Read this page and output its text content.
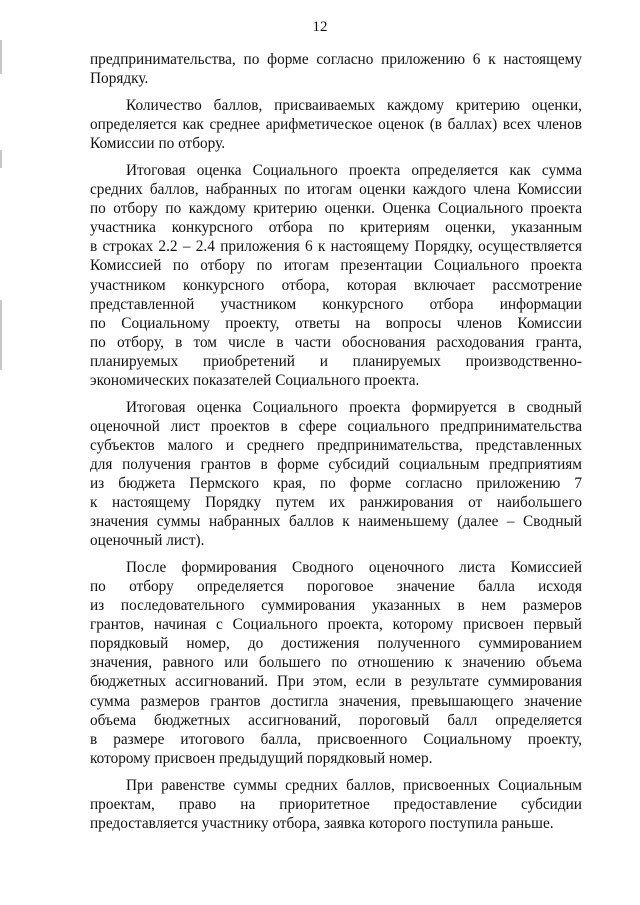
12
предпринимательства, по форме согласно приложению 6 к настоящему
Порядку.
Количество баллов, присваиваемых каждому критерию оценки,
определяется как среднее арифметическое оценок (в баллах) всех членов
Комиссии по отбору.
Итоговая оценка Социального проекта определяется как сумма
средних баллов, набранных по итогам оценки каждого члена Комиссии
по отбору по каждому критерию оценки. Оценка Социального проекта
участника конкурсного отбора по критериям оценки, указанным
в строках 2.2 – 2.4 приложения 6 к настоящему Порядку, осуществляется
Комиссией по отбору по итогам презентации Социального проекта
участником конкурсного отбора, которая включает рассмотрение
представленной участником конкурсного отбора информации
по Социальному проекту, ответы на вопросы членов Комиссии
по отбору, в том числе в части обоснования расходования гранта,
планируемых приобретений и планируемых производственно-
экономических показателей Социального проекта.
Итоговая оценка Социального проекта формируется в сводный
оценочной лист проектов в сфере социального предпринимательства
субъектов малого и среднего предпринимательства, представленных
для получения грантов в форме субсидий социальным предприятиям
из бюджета Пермского края, по форме согласно приложению 7
к настоящему Порядку путем их ранжирования от наибольшего
значения суммы набранных баллов к наименьшему (далее – Сводный
оценочный лист).
После формирования Сводного оценочного листа Комиссией
по отбору определяется пороговое значение балла исходя
из последовательного суммирования указанных в нем размеров
грантов, начиная с Социального проекта, которому присвоен первый
порядковый номер, до достижения полученного суммированием
значения, равного или большего по отношению к значению объема
бюджетных ассигнований. При этом, если в результате суммирования
сумма размеров грантов достигла значения, превышающего значение
объема бюджетных ассигнований, пороговый балл определяется
в размере итогового балла, присвоенного Социальному проекту,
которому присвоен предыдущий порядковый номер.
При равенстве суммы средних баллов, присвоенных Социальным
проектам, право на приоритетное предоставление субсидии
предоставляется участнику отбора, заявка которого поступила раньше.
